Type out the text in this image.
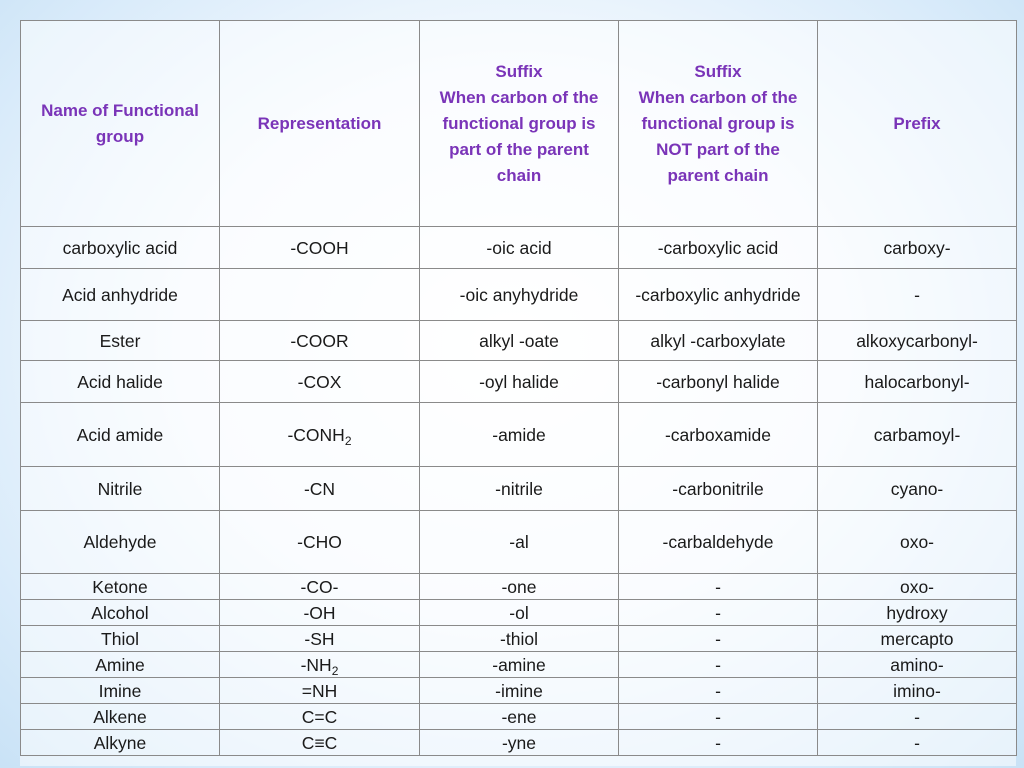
Name of Functional group	Representation	Suffix
When carbon of the
functional group is
part of the parent
chain	Suffix
When carbon of the
functional group is
NOT part of the
parent chain	Prefix
carboxylic acid	-COOH	-oic acid	-carboxylic acid	carboxy-
Acid anhydride		-oic anyhydride	-carboxylic anhydride	-
Ester	-COOR	alkyl -oate	alkyl -carboxylate	alkoxycarbonyl-
Acid halide	-COX	-oyl halide	-carbonyl halide	halocarbonyl-
Acid amide	$-CONH_2$	-amide	-carboxamide	carbamoyl-
Nitrile	-CN	-nitrile	-carbonitrile	cyano-
Aldehyde	-CHO	-al	-carbaldehyde	oxo-
Ketone	-CO-	-one	-	oxo-
Alcohol	-OH	-ol	-	hydroxy
Thiol	-SH	-thiol	-	mercapto
Amine	$-NH_2$	-amine	-	amino-
Imine	=NH	-imine	-	imino-
Alkene	C=C	-ene	-	-
Alkyne	C≡C	-yne	-	-
